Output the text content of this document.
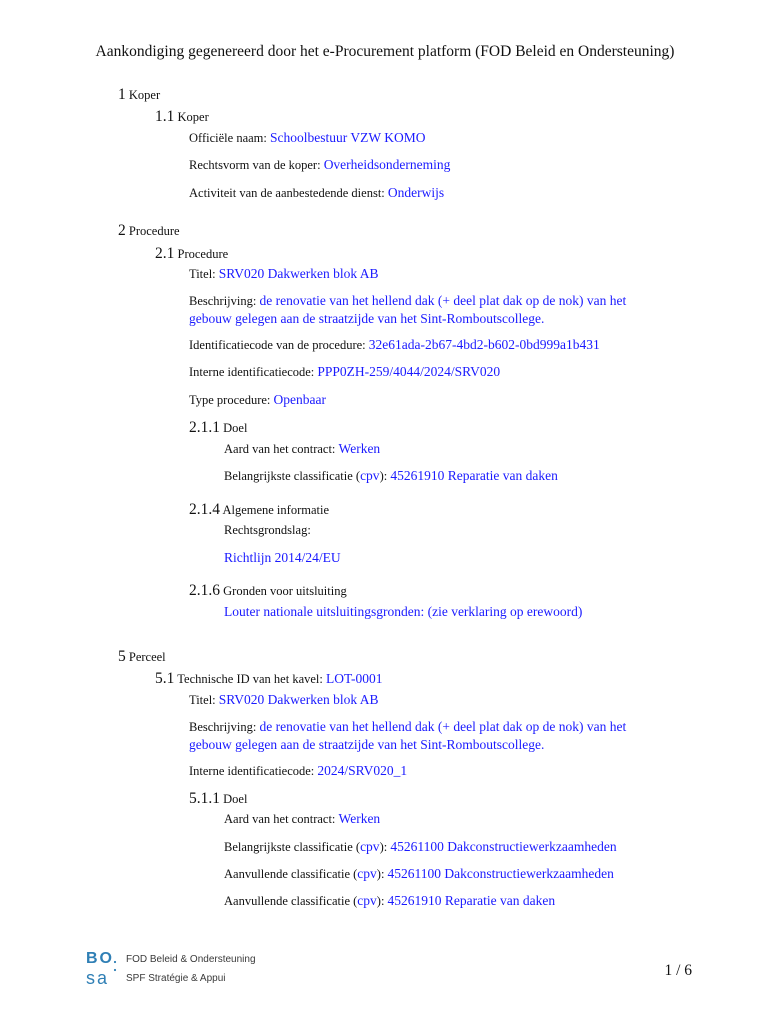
Aankondiging gegenereerd door het e-Procurement platform (FOD Beleid en Ondersteuning)
1 Koper
1.1 Koper
Officiële naam: Schoolbestuur VZW KOMO
Rechtsvorm van de koper: Overheidsonderneming
Activiteit van de aanbestedende dienst: Onderwijs
2 Procedure
2.1 Procedure
Titel: SRV020 Dakwerken blok AB
Beschrijving: de renovatie van het hellend dak (+ deel plat dak op de nok) van het
gebouw gelegen aan de straatzijde van het Sint-Romboutscollege.
Identificatiecode van de procedure: 32e61ada-2b67-4bd2-b602-0bd999a1b431
Interne identificatiecode: PPP0ZH-259/4044/2024/SRV020
Type procedure: Openbaar
2.1.1 Doel
Aard van het contract: Werken
Belangrijkste classificatie (cpv): 45261910 Reparatie van daken
2.1.4 Algemene informatie
Rechtsgrondslag:
Richtlijn 2014/24/EU
2.1.6 Gronden voor uitsluiting
Louter nationale uitsluitingsgronden: (zie verklaring op erewoord)
5 Perceel
5.1 Technische ID van het kavel: LOT-0001
Titel: SRV020 Dakwerken blok AB
Beschrijving: de renovatie van het hellend dak (+ deel plat dak op de nok) van het
gebouw gelegen aan de straatzijde van het Sint-Romboutscollege.
Interne identificatiecode: 2024/SRV020_1
5.1.1 Doel
Aard van het contract: Werken
Belangrijkste classificatie (cpv): 45261100 Dakconstructiewerkzaamheden
Aanvullende classificatie (cpv): 45261100 Dakconstructiewerkzaamheden
Aanvullende classificatie (cpv): 45261910 Reparatie van daken
BO
sa
FOD Beleid & Ondersteuning
SPF Stratégie & Appui	1 / 6
